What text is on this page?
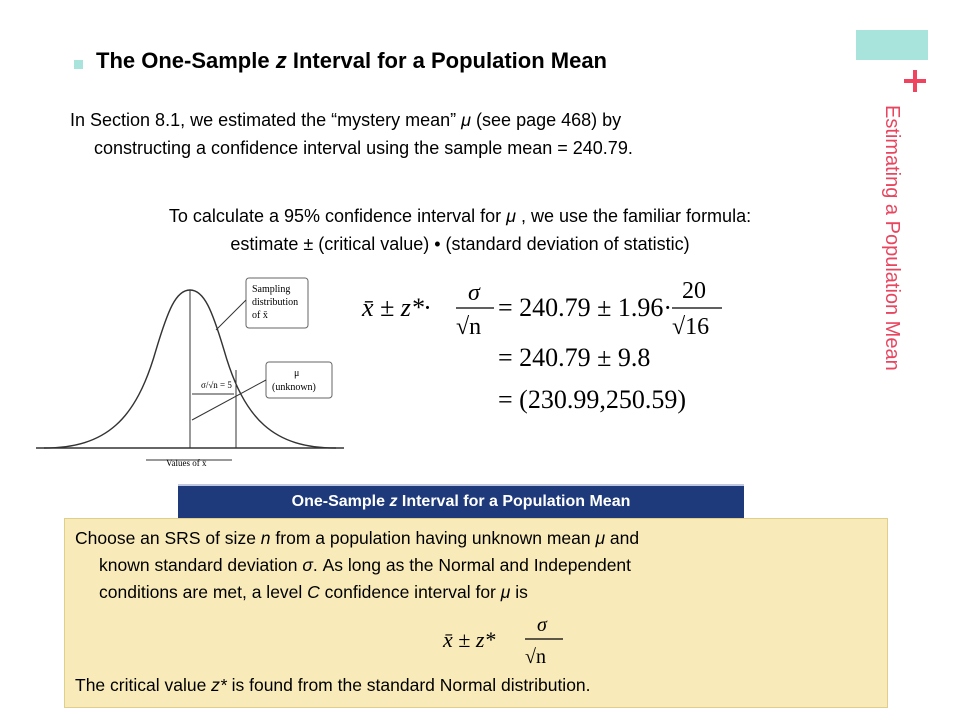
Estimating a Population Mean
The One-Sample z Interval for a Population Mean
In Section 8.1, we estimated the “mystery mean” μ (see page 468) by
constructing a confidence interval using the sample mean = 240.79.
To calculate a 95% confidence interval for μ , we use the familiar formula:
estimate ± (critical value) • (standard deviation of statistic)
σ/√n = 5
Sampling
distribution
of x̄
μ
(unknown)
Values of x̄
x̄ ± z*· σ
√n
= 240.79 ± 1.96·
20
√16
= 240.79 ± 9.8
= (230.99,250.59)
One-Sample z Interval for a Population Mean
Choose an SRS of size n from a population having unknown mean μ and
known standard deviation σ. As long as the Normal and Independent
conditions are met, a level C confidence interval for μ is
x̄ ± z*
σ
√n
The critical value z* is found from the standard Normal distribution.
